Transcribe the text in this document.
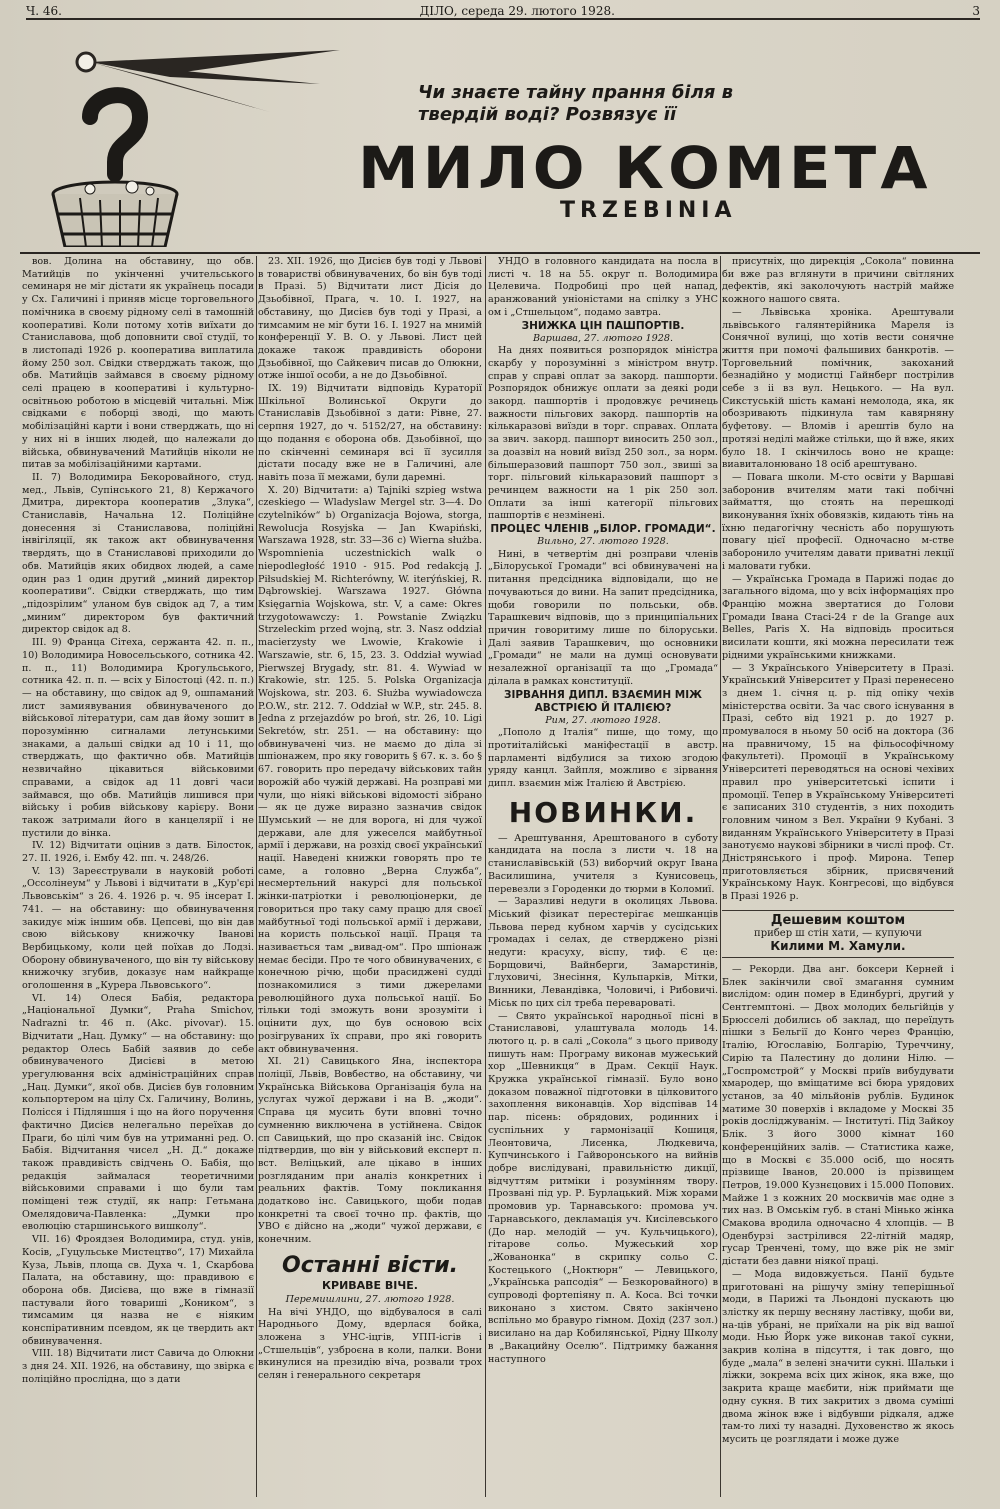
Ч. 46.	ДІЛО, середа 29. лютого 1928.	3
Чи знаєте тайну прання біля в твердій воді? Розвязує її
МИЛО КОМЕТА
TRZEBINIA

вов. Долина на обставину, що обв. Матийців по укінченні учительського семинаря не міг дістати як українець посади у Сх. Галичині і приняв місце торговельного помічника в своєму рідному селі в тамошній кооперативі. Коли потому хотів виїхати до Станиславова, щоб доповнити свої студії, то в листопаді 1926 р. кооператива виплатила йому 250 зол. Свідки стверджать також, що обв. Матийців займався в своєму рідному селі працею в кооперативі і культурно-освітньою роботою в місцевій читальні. Між свідками є поборці зводі, що мають мобілізаційні карти і вони стверджать, що ні у них ні в інших людей, що належали до війська, обвинувачений Матийців ніколи не питав за мобілізаційними картами.

II. 7) Володимира Бекоровайного, студ. мед., Львів, Супінського 21, 8) Кержачого Дмитра, директора кооператив „Злука“, Станиславів, Начальна 12. Поліційне донесення зі Станиславова, поліційні інвігіляції, як також акт обвинувачення твердять, що в Станиславові приходили до обв. Матийців яких обидвох людей, а саме один раз 1 один другий „миний директор кооперативи“. Свідки стверджать, що тим „підозрілим“ уланом був свідок ад 7, а тим „миним“ директором був фактичний директор свідок ад 8.

III. 9) Франца Сітеха, сержанта 42. п. п., 10) Володимира Новосельського, сотника 42. п. п., 11) Володимира Крогульського, сотника 42. п. п. — всіх у Білостоці (42. п. п.) — на обставину, що свідок ад 9, ошпаманий лист замиявувания обвинуваченого до військової літератури, сам дав йому зошит в порозумінню сигналами летунськими знаками, а дальші свідки ад 10 і 11, що стверджать, що фактично обв. Матийців незвичайно цікавиться військовими справами, а свідок ад 11 довгі часи займався, що обв. Матийців лишився при війську і робив військову карієру. Вони також затримали його в канцелярії і не пустили до вінка.

IV. 12) Відчитати оцінив з датв. Білосток, 27. II. 1926, і. Ембу 42. пп. ч. 248/26.

V. 13) Зареєстрували в науковій роботі „Оссолінеум“ у Львові і відчитати в „Кур'єрі Львовськім“ з 26. 4. 1926 р. ч. 95 інсерат І. 741. — на обставину: що обвинувачення закидує між іншим обв. Цепсеві, що він дав свою військову книжочку Іванові Вербицькому, коли цей поїхав до Лодзі. Оборону обвинуваченого, що він ту військову книжочку згубив, доказує нам найкраще оголошення в „Курера Львовського“.

VI. 14) Олеся Бабія, редактора „Національної Думки“, Praha Smichov, Nadrazni tr. 46 п. (Akc. pivovar). 15. Відчитати „Нац. Думку“ — на обставину: що редактор Олесь Бабій заявив до себе обвинуваченого Дисієві в метою урегулювання всіх адміністраційних справ „Нац. Думки“, якої обв. Дисієв був головним кольпортером на цілу Сх. Галичину, Волинь, Полісся і Підляшшя і що на його поручення фактично Дисієв нелегально переїхав до Праги, бо цілі чим був на утриманні ред. О. Бабія. Відчитання чисел „Н. Д.“ докаже також правдивість свідчень О. Бабія, що редакція займалася теоретичними військовими справами і що були там поміщені теж студії, як напр: Гетьмана Омелядовича-Павленка: „Думки про еволюцію старшинського вишколу“.

VII. 16) Фроядзея Володимира, студ. унів, Косів, „Гуцульське Мистецтво“, 17) Михайла Куза, Львів, площа св. Духа ч. 1, Скарбова Палата, на обставину, що: правдивою є оборона обв. Дисієва, що вже в гімназії пастували його товариші „Коником“, з тимсамим ця назва не є ніяким конспіративним псевдом, як це твердить акт обвинувачення.

VIII. 18) Відчитати лист Савича до Олюкни з дня 24. XII. 1926, на обставину, що звірка є поліційно прослідна, що з дати

23. XII. 1926, що Дисієв був тоді у Львові в товаристві обвинувачених, бо він був тоді в Празі. 5) Відчитати лист Дісія до Дзьобівної, Прага, ч. 10. І. 1927, на обставину, що Дисієв був тоді у Празі, а тимсамим не міг бути 16. І. 1927 на мнимій конференції У. В. О. у Львові. Лист цей докаже також правдивість оборони Дзьобівної, що Сайкевич писав до Олюкни, отже іншої особи, а не до Дзьобівної.

IX. 19) Відчитати відповідь Кураторії Шкільної Волинської Округи до Станиславів Дзьобівної з дати: Рівне, 27. серпня 1927, до ч. 5152/27, на обставину: що подання є оборона обв. Дзьобівної, що по скінченні семинаря всі її зусилля дістати посаду вже не в Галичині, але навіть поза її межами, були даремні.

X. 20) Відчитати: а) Tajniki szpieg wstwa czeskiego — Wladyslaw Mergel str. 3—4. Do czytelników“ b) Organizacja Bojowa, storga, Rewolucja Rosyjska — Jan Kwapiński, Warszawa 1928, str. 33—36 c) Wierna służba. Wspomnienia uczestnickich walk o niepodległość 1910 - 915. Pod redakcją J. Piłsudskiej M. Richterówny, W. iterýńskiej, R. Dąbrowskiej. Warszawa 1927. Główna Księgarnia Wojskowa, str. V, a саме: Okres trzygotowawczy: 1. Powstanie Związku Strzeleckim przed wojną, str. 3. Nasz oddział macierzysty we Lwowie, Krakowie i Warszawie, str. 6, 15, 23. 3. Oddział wywiad Pierwszej Brygady, str. 81. 4. Wywiad w Krakowie, str. 125. 5. Polska Organizacja Wojskowa, str. 203. 6. Służba wywiadowcza P.O.W., str. 212. 7. Oddział w W.P., str. 245. 8. Jedna z przejazdów po broń, str. 26, 10. Ligi Sekretów, str. 251. — на обставину: що обвинувачені чиз. не маємо до діла зі шпіонажем, про яку говорить § 67. к. з. бо § 67. говорить про передачу військових тайн ворожій або чужій державі. На розправі ми чули, що ніякі військові відомості зібрано — як це дуже виразно зазначив свідок Шумський — не для ворога, ні для чужої держави, але для ужеселся майбутньої армії і держави, на розхід своєї українськиї нації. Наведені книжки говорять про те саме, а головно „Верна Служба“, несмертельний накурсі для польської жінки-патріотки і революціонерки, де говориться про таку саму працю для своєї майбутньої тоді польської армії і держави, на користь польської нації. Праця та називається там „вивад-ом“. Про шпіонаж немає бесіди. Про те чого обвинувачених, є конечною річю, щоби прасиджені судді познакомилися з тими джерелами революційного духа польської нації. Бо тільки тоді зможуть вони зрозуміти і оцінити дух, що був основою всіх розігруваних їх справи, про які говорить акт обвинувачення.

XI. 21) Савицького Яна, інспектора поліції, Львів, Вовбество, на обставину, чи Українська Військова Організація була на услугах чужої держави і на В. „жоди“. Справа ця мусить бути вповні точно сумненню виключена в устійнена. Свідок сп Савицький, що про сказаній інс. Свідок підтвердив, що він у військовий експерт п. вст. Веліцький, але цікаво в інших розгляданим при аналіз конкретних і реальних фактів. Тому покликання додатково інс. Савицького, щоби подав конкретні та своєї точно пр. фактів, що УВО є дійсно на „жоди“ чужої держави, є конечним.

Останні вісти.
КРИВАВЕ ВІЧЕ.

Перемишлини, 27. лютого 1928.

На вічі УНДО, що відбувалося в салі Народнього Дому, вдерлася бойка, зложена з УНС-іцгів, УПП-ісгів і „Стшельців“, узброєна в коли, палки. Вони вкинулися на президію віча, розвали трох селян і генерального секретаря

УНДО в головного кандидата на посла в листі ч. 18 на 55. округ п. Володимира Целевича. Подробиці про цей напад, аранжований уніоністами на спілку з УНС ом і „Стшельцом“, подамо завтра.

ЗНИЖКА ЦІН ПАШПОРТІВ.

Варшава, 27. лютого 1928.

На днях появиться розпорядок міністра скарбу у порозумінні з міністром внутр. справ у справі оплат за закорд. пашпорти. Розпорядок обнижує оплати за деякі роди закорд. пашпортів і продовжує речинець важности пільгових закорд. пашпортів на кількаразові виїзди в торг. справах. Оплата за звич. закорд. пашпорт виносить 250 зол., за доазвіл на новий виїзд 250 зол., за норм. більшеразовий пашпорт 750 зол., звиші за торг. пільговий кількаразовий пашпорт з речинцем важности на 1 рік 250 зол. Оплати за інші категорії пільгових пашпортів є незмінені.

ПРОЦЕС ЧЛЕНІВ „БІЛОР. ГРОМАДИ“.

Вильно, 27. лютого 1928.

Нині, в четвертім дні розправи членів „Білоруської Громади“ всі обвинувачені на питання предсідника відповідали, що не почуваються до вини. На запит предсідника, щоби говорили по польськи, обв. Тарашкевич відповів, що з принципіальних причин говоритиму лише по білоруськи. Далі заявив Тарашкевич, що основники „Громади“ не мали на думці основувати незалежної організації та що „Громада“ ділала в рамках конституції.

ЗІРВАННЯ ДИПЛ. ВЗАЄМИН МІЖ АВСТРІЄЮ Й ІТАЛІЄЮ?

Рим, 27. лютого 1928.

„Пополо д Італія“ пише, що тому, що протиіталійські маніфестації в австр. парламенті відбулися за тихою згодою уряду канцл. Зайпля, можливо є зірвання дипл. взаємин між Італією й Австрією.

НОВИНКИ.

— Арештування, Арештованого в суботу кандидата на посла з листи ч. 18 на станиславівській (53) виборчий округ Івана Василишина, учителя з Кунисовець, перевезли з Городенки до тюрми в Коломиї.

— Заразливі недуги в околицях Львова. Міський фізикат перестерігає мешканців Львова перед кубном харчів у сусідських громадах і селах, де стверджено різні недуги: красуху, віспу, тиф. Є це: Борщовичі, Вайнберги, Замарстинів, Глуховичі, Знесіння, Кульпарків, Мітки, Винники, Левандівка, Чоловичі, і Рибовичі. Міськ по цих сіл треба перевароваті.

— Свято української народньої пісні в Станиславові, улаштувала молодь 14. лютого ц. р. в салі „Сокола“ з цього приводу пишуть нам: Програму виконав мужеський хор „Шевникця“ в Драм. Секції Наук. Кружка української гімназії. Було воно доказом поважної підготовки в цілковитого захоплення виконавців. Хор відспівав 14 пар. пісень: обрядових, родинних і суспільних у гармонізації Кошиця, Леонтовича, Лисенка, Людкевича, Купчинського і Гайворонського на вийнів добре вислідувані, правильністю дикції, відчуттям ритміки і розумінням твору. Прозвані під ур. Р. Бурлацький. Між хорами промовив ур. Тарнавського: промова уч. Тарнавського, декламація уч. Кисілевського (До нар. мелодій — уч. Кульчицького), гітарове сольо. Мужеський хор „Жованонка“ в скрипку сольо С. Костецького („Ноктюрн“ — Левицького, „Українська рапсодія“ — Безкоровайного) в супроводі фортепіяну п. А. Коса. Всі точки виконано з хистом. Свято закінчено вспільно мо бравуро гімном. Дохід (237 зол.) висилано на дар Кобилянської, Рідну Школу в „Вакацийну Оселю“. Підтримку бажання наступного

присутніх, що дирекція „Сокола“ повинна би вже раз вглянути в причини світляних дефектів, які заколочують настрій майже кожного нашого свята.

— Львівська хроніка. Арештували львівського галянтерійника Мареля із Сонячної вулиці, що хотів вести сонячне життя при помочі фальшивих банкротів. — Торговельний помічник, закоханий безнадійно у модистці Гайнберг пострілив себе з іі вз вул. Нецького. — На вул. Сикстуській шість камані немолода, яка, як обозривають підкинула там кавярняну буфетову. — Вломів і арештів було на протязі неділі майже стільки, що й вже, яких було 18. І скінчилось воно не краще: виавиталонювано 18 осіб арештувано.

— Повага школи. М-сто освіти у Варшаві заборонив вчителям мати такі побічні займаття, що стоять на перешкоді виконування їхніх обовязків, кидають тінь на їхню педагогічну чесність або порушують повагу цієї професії. Одночасно м-стве заборонило учителям давати приватні лекції і маловати губки.

— Українська Громада в Парижі подає до загального відома, що у всіх інформаціях про Францію можна звертатися до Голови Громади Івана Стасі-24 r de la Grange aux Belles, Paris X. На відповідь проситься висилати кошти, які можна пересилати теж рідними українськими книжками.

— З Українського Університету в Празі. Український Університет у Празі перенесено з днем 1. січня ц. р. під опіку чехів міністерства освіти. За час свого існування в Празі, себто від 1921 р. до 1927 р. промувалося в ньому 50 осіб на доктора (36 на правничому, 15 на фільософічному факультеті). Промоції в Українському Університеті переводяться на основі чехівих правил про університетські іспити і промоції. Тепер в Українському Університеті є записаних 310 студентів, з них походить головним чином з Вел. України 9 Кубані. З виданням Українського Університету в Празі занотуємо наукові збірники в числі проф. Ст. Дністрянського і проф. Мирона. Тепер приготовляється збірник, присвячений Українському Наук. Конгресові, що відбувся в Празі 1926 р.

Дешевим коштом
прибер ш стін хати, — купуючи
Килими М. Хамули.

— Рекорди. Два анг. боксери Керней і Блек закінчили свої змагання сумним вислідом: один помер в Единбургі, другий у Сентгемптоні. — Двох молодих бельгійців у Брюсселі добились об заклад, що переїдуть пішки з Бельгії до Конго через Францію, Італію, Югославію, Болгарію, Туреччину, Сирію та Палестину до долини Нілю. — „Госпромстрой“ у Москві приїв вибудувати хмародер, що вміщатиме всі бюра урядових установ, за 40 мільйонів рублів. Будинок матиме 30 поверхів і вкладоме у Москві 35 років досліджуванім. — Інституті. Під Зайкоу Блік. З його 3000 кімнат 160 конференційних залів. — Статистика каже, що в Москві є 35.000 осіб, що носять прізвище Іванов, 20.000 із прізвищем Петров, 19.000 Кузнєцових і 15.000 Попових. Майже 1 з кожних 20 москвичів має одне з тих наз. В Омськім губ. в стані Мінько жінка Смакова вродила одночасно 4 хлопців. — В Оденбурзі застрілився 22-літній мадяр, гусар Тренчені, тому, що вже рік не зміг дістати без давни ніякої праці.

— Мода видовжується. Панії будьте приготовані на рішучу зміну теперішньої моди, в Парижі та Льондоні пускають цю злістку як першу весняну ластівку, щоби ви, на-ців убрані, не приїхали на рік від вашої моди. Нью Йорк уже виконав такої сукни, закрив коліна в підсуття, і так довго, що буде „мала“ в зелені значити сукні. Шальки і ліжки, зокрема всіх цих жінок, яка вже, що закрита краще маєбити, ніж приймати ще одну сукня. В тих закритих з двома суміші двома жінок вже і відбувши рідкаля, адже там-то лихі ту назадні. Духовенство ж якось мусить це розглядати і може дуже
